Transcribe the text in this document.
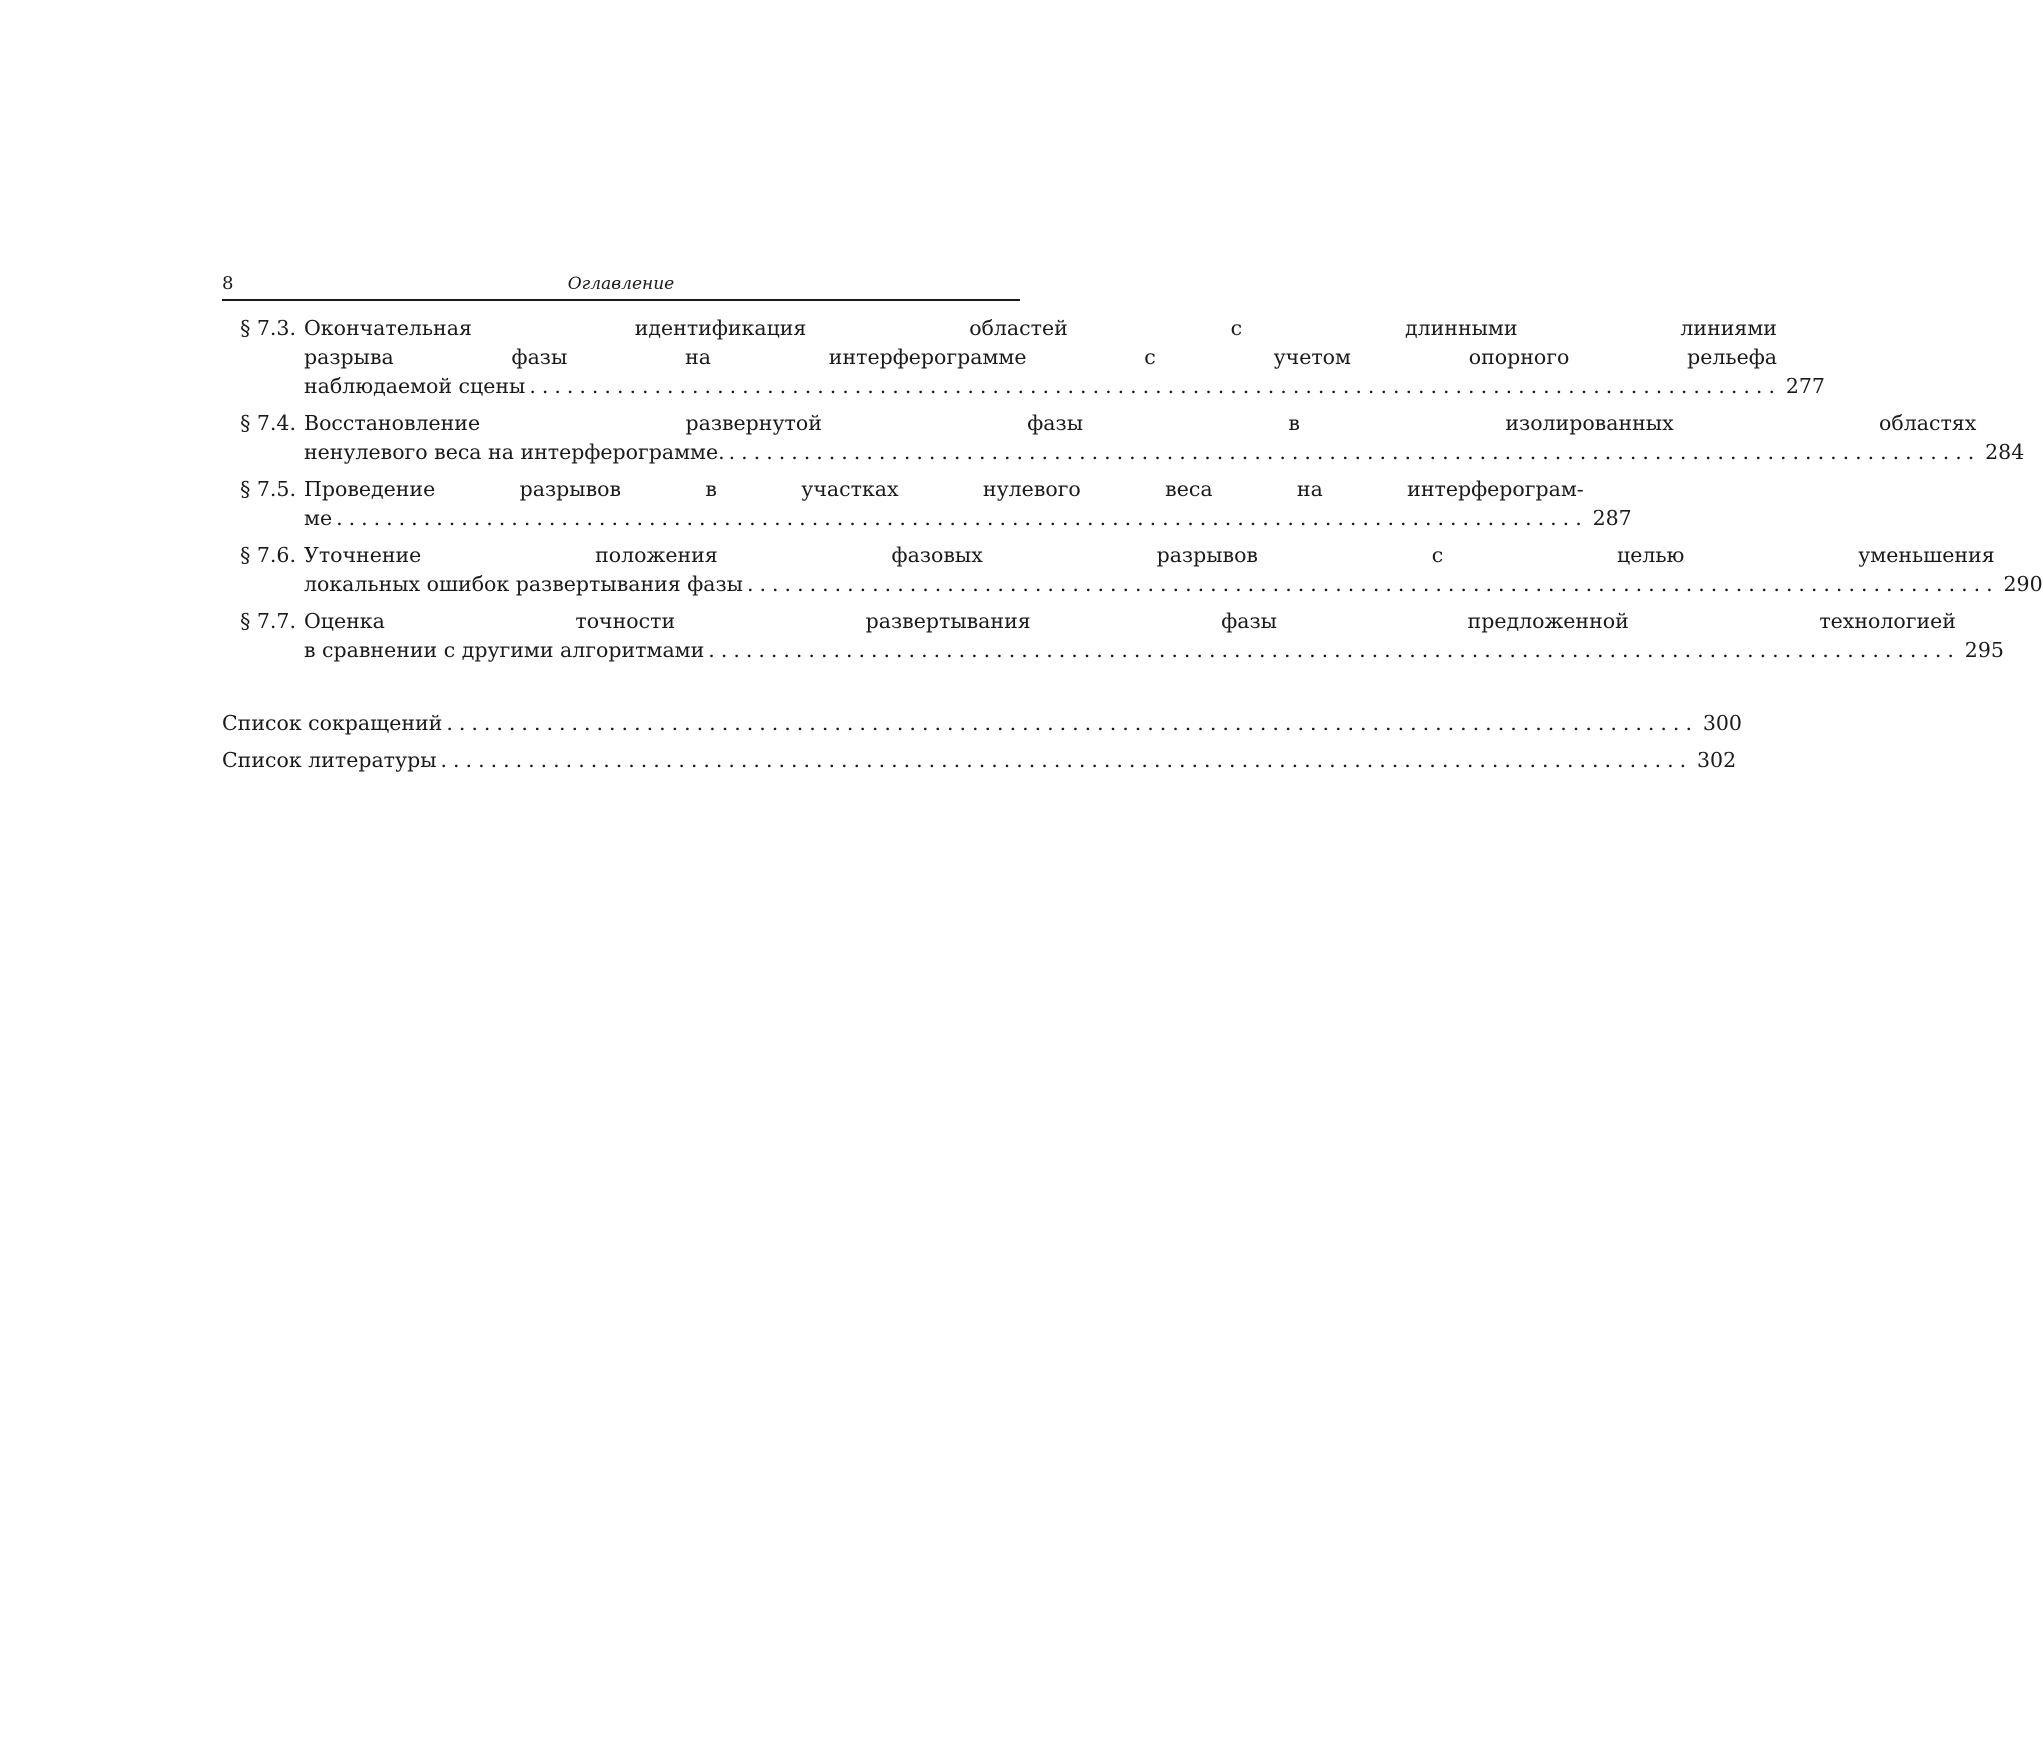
8	Оглавление
§ 7.3. Окончательная идентификация областей с длинными линиями
разрыва фазы на интерферограмме с учетом опорного рельефа
наблюдаемой сцены .................................................................................................... 277
§ 7.4. Восстановление развернутой фазы в изолированных областях
ненулевого веса на интерферограмме. .................................................................................................... 284
§ 7.5. Проведение разрывов в участках нулевого веса на интерферограм-
ме .................................................................................................... 287
§ 7.6. Уточнение положения фазовых разрывов с целью уменьшения
локальных ошибок развертывания фазы .................................................................................................... 290
§ 7.7. Оценка точности развертывания фазы предложенной технологией
в сравнении с другими алгоритмами .................................................................................................... 295
Список сокращений .................................................................................................... 300
Список литературы .................................................................................................... 302
